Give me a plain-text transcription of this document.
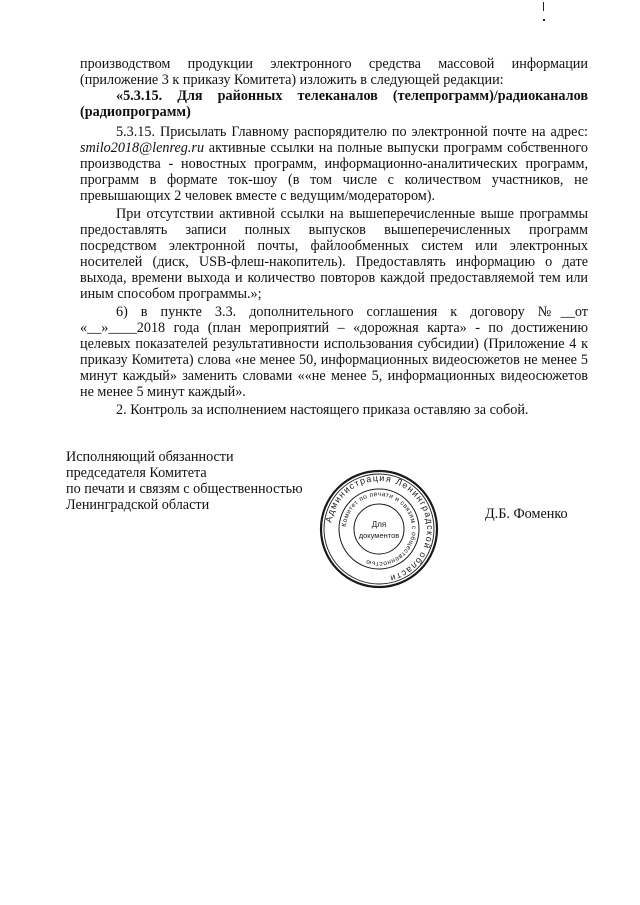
производством продукции электронного средства массовой информации

(приложение 3 к приказу Комитета) изложить в следующей редакции:

«5.3.15. Для районных телеканалов (телепрограмм)/радиоканалов

(радиопрограмм)

5.3.15. Присылать Главному распорядителю по электронной почте на адрес: smilo2018@lenreg.ru активные ссылки на полные выпуски программ собственного производства - новостных программ, информационно-аналитических программ, программ в формате ток-шоу (в том числе с количеством участников, не превышающих 2 человек вместе с ведущим/модератором).

При отсутствии активной ссылки на вышеперечисленные выше программы предоставлять записи полных выпусков вышеперечисленных программ посредством электронной почты, файлообменных систем или электронных носителей (диск, USB-флеш-накопитель). Предоставлять информацию о дате выхода, времени выхода и количество повторов каждой предоставляемой тем или иным способом программы.»;

6) в пункте 3.3. дополнительного соглашения к договору №__от «__»____2018 года (план мероприятий – «дорожная карта» - по достижению целевых показателей результативности использования субсидии) (Приложение 4 к приказу Комитета) слова «не менее 50, информационных видеосюжетов не менее 5 минут каждый» заменить словами ««не менее 5, информационных видеосюжетов не менее 5 минут каждый».

2. Контроль за исполнением настоящего приказа оставляю за собой.

Исполняющий обязанности
председателя Комитета
по печати и связям с общественностью
Ленинградской области
Администрация Ленинградской области
Комитет по печати и связям с общественностью
Для
документов
Д.Б. Фоменко
